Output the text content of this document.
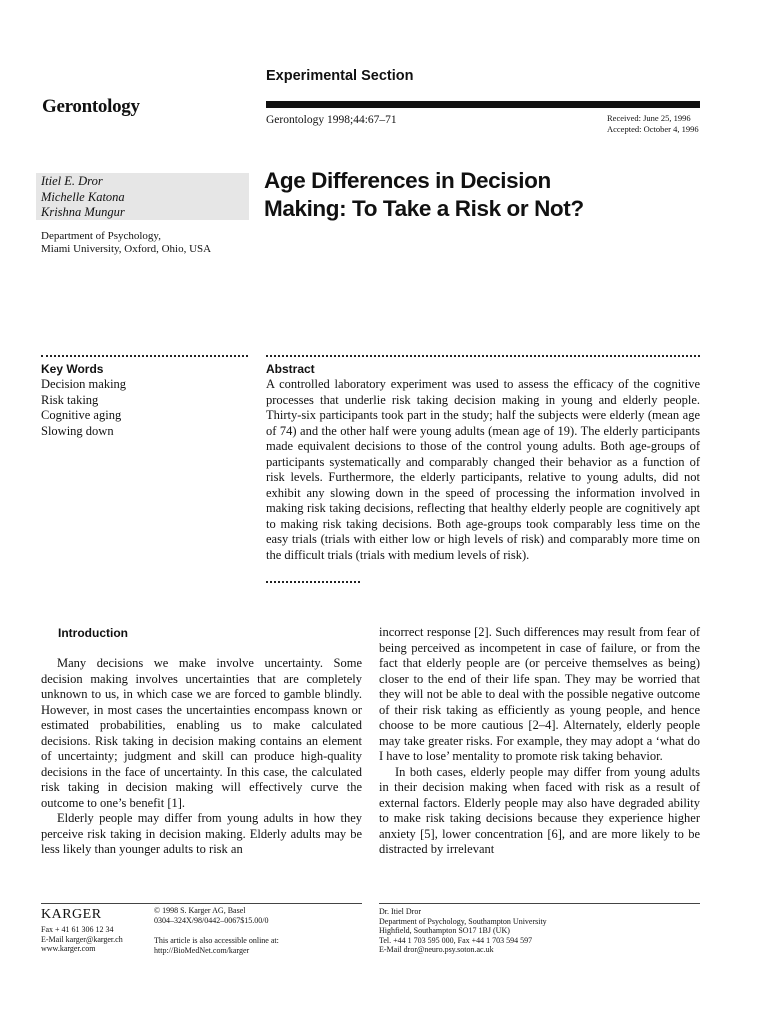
Experimental Section
Gerontology
Gerontology 1998;44:67–71	Received: June 25, 1996
Accepted: October 4, 1996
Itiel E. Dror
Michelle Katona
Krishna Mungur
Department of Psychology,
Miami University, Oxford, Ohio, USA
Age Differences in Decision
Making: To Take a Risk or Not?
Key Words
Decision making
Risk taking
Cognitive aging
Slowing down
Abstract
A controlled laboratory experiment was used to assess the efficacy of the cognitive processes that underlie risk taking decision making in young and elderly people. Thirty-six participants took part in the study; half the subjects were elderly (mean age of 74) and the other half were young adults (mean age of 19). The elderly participants made equivalent decisions to those of the control young adults. Both age-groups of participants systematically and comparably changed their behavior as a function of risk levels. Furthermore, the elderly participants, relative to young adults, did not exhibit any slowing down in the speed of processing the information involved in making risk taking decisions, reflecting that healthy elderly people are cognitively apt to making risk taking decisions. Both age-groups took comparably less time on the easy trials (trials with either low or high levels of risk) and comparably more time on the difficult trials (trials with medium levels of risk).
Introduction

Many decisions we make involve uncertainty. Some decision making involves uncertainties that are completely unknown to us, in which case we are forced to gamble blindly. However, in most cases the uncertainties encompass known or estimated probabilities, enabling us to make calculated decisions. Risk taking in decision making contains an element of uncertainty; judgment and skill can produce high-quality decisions in the face of uncertainty. In this case, the calculated risk taking in decision making will effectively curve the outcome to one’s benefit [1].

Elderly people may differ from young adults in how they perceive risk taking in decision making. Elderly adults may be less likely than younger adults to risk an

incorrect response [2]. Such differences may result from fear of being perceived as incompetent in case of failure, or from the fact that elderly people are (or perceive themselves as being) closer to the end of their life span. They may be worried that they will not be able to deal with the possible negative outcome of their risk taking as efficiently as young people, and hence choose to be more cautious [2–4]. Alternately, elderly people may take greater risks. For example, they may adopt a ‘what do I have to lose’ mentality to promote risk taking behavior.

In both cases, elderly people may differ from young adults in their decision making when faced with risk as a result of external factors. Elderly people may also have degraded ability to make risk taking decisions because they experience higher anxiety [5], lower concentration [6], and are more likely to be distracted by irrelevant

KARGER
Fax + 41 61 306 12 34
E-Mail karger@karger.ch
www.karger.com
© 1998 S. Karger AG, Basel
0304–324X/98/0442–0067$15.00/0
This article is also accessible online at:
http://BioMedNet.com/karger
Dr. Itiel Dror
Department of Psychology, Southampton University
Highfield, Southampton SO17 1BJ (UK)
Tel. +44 1 703 595 000, Fax +44 1 703 594 597
E-Mail dror@neuro.psy.soton.ac.uk
